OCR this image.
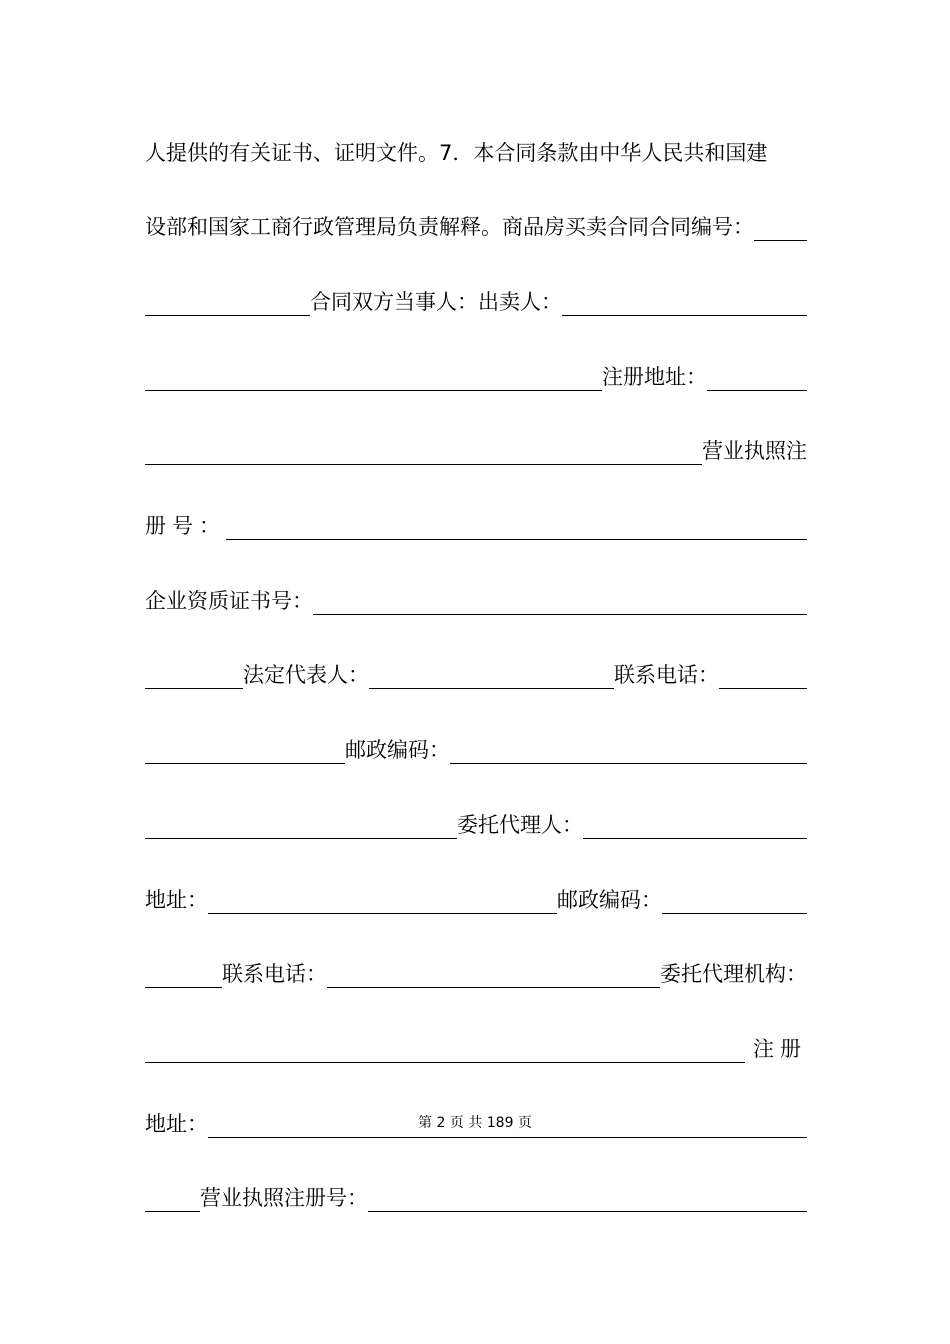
人提供的有关证书、证明文件。7．本合同条款由中华人民共和国建
设部和国家工商行政管理局负责解释。商品房买卖合同合同编号：
合同双方当事人：出卖人：
注册地址：
营业执照注
册号：
企业资质证书号：
法定代表人：	联系电话：
邮政编码：
委托代理人：
地址：	邮政编码：
联系电话：	委托代理机构：
注册
地址：	第 2 页 共 189 页
营业执照注册号：
